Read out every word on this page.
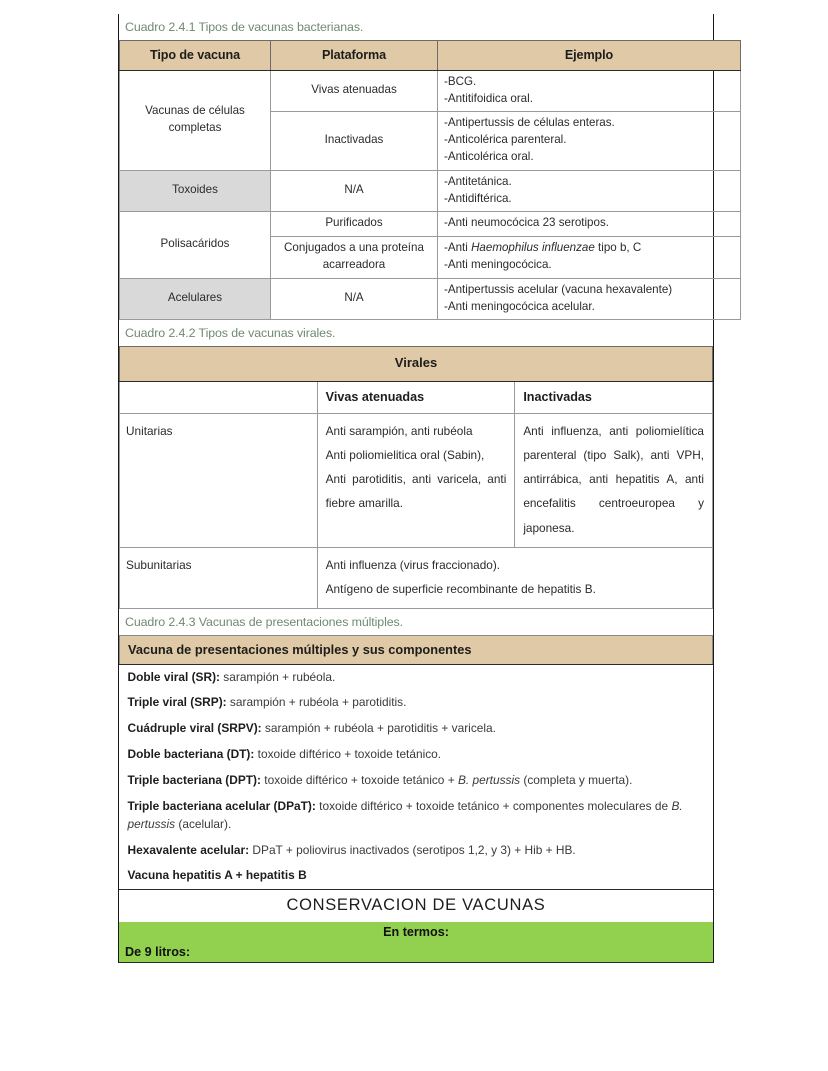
Cuadro 2.4.1 Tipos de vacunas bacterianas.
Tipo de vacuna	Plataforma	Ejemplo
Vacunas de células completas	Vivas atenuadas	-BCG.
-Antitifoidica oral.

	Inactivadas	-Antipertussis de células enteras.
-Anticolérica parenteral.
-Anticolérica oral.

Toxoides	N/A	-Antitetánica.
-Antidiftérica.

Polisacáridos	Purificados	-Anti neumocócica 23 serotipos.

	Conjugados a una proteína acarreadora	-Anti Haemophilus influenzae tipo b, C
-Anti meningocócica.

Acelulares	N/A	-Antipertussis acelular (vacuna hexavalente)
-Anti meningocócica acelular.
Cuadro 2.4.2 Tipos de vacunas virales.
Virales		
	Vivas atenuadas	Inactivadas
Unitarias	Anti sarampión, anti rubéola

Anti poliomielitica oral (Sabin),

Anti parotiditis, anti varicela, anti fiebre amarilla.	Anti influenza, anti poliomielítica parenteral (tipo Salk), anti VPH, antirrábica, anti hepatitis A, anti encefalitis centroeuropea y japonesa.

Subunitarias	Anti influenza (virus fraccionado).

Antígeno de superficie recombinante de hepatitis B.	

Cuadro 2.4.3 Vacunas de presentaciones múltiples.
Vacuna de presentaciones múltiples y sus componentes
Doble viral (SR): sarampión + rubéola.
Triple viral (SRP): sarampión + rubéola + parotiditis.
Cuádruple viral (SRPV): sarampión + rubéola + parotiditis + varicela.
Doble bacteriana (DT): toxoide diftérico + toxoide tetánico.
Triple bacteriana (DPT): toxoide diftérico + toxoide tetánico + B. pertussis (completa y muerta).
Triple bacteriana acelular (DPaT): toxoide diftérico + toxoide tetánico + componentes moleculares de B. pertussis (acelular).
Hexavalente acelular: DPaT + poliovirus inactivados (serotipos 1,2, y 3) + Hib + HB.
Vacuna hepatitis A + hepatitis B
CONSERVACION DE VACUNAS
En termos:
De 9 litros:
